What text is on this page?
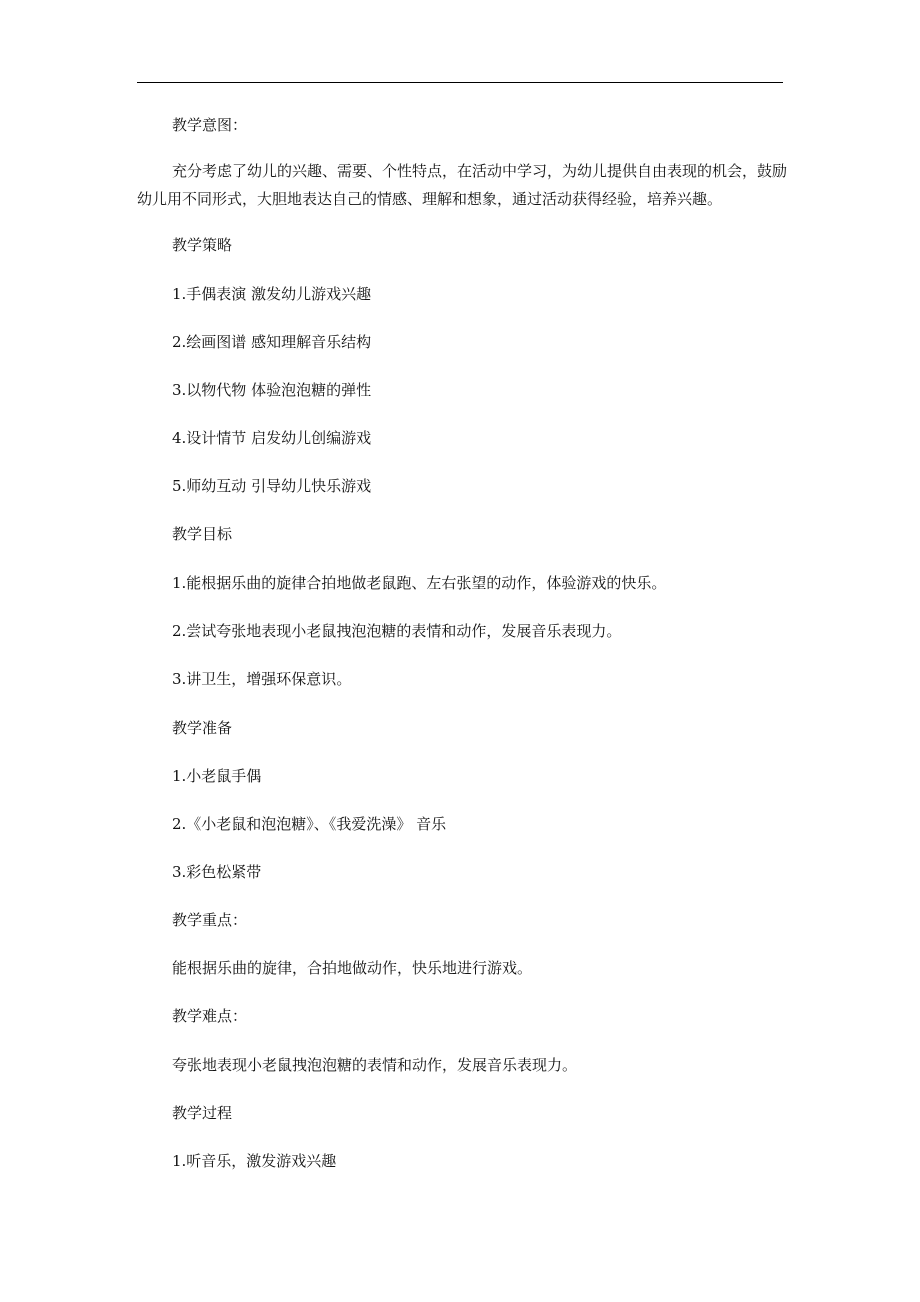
教学意图：
充分考虑了幼儿的兴趣、需要、个性特点，在活动中学习，为幼儿提供自由表现的机会，鼓励幼儿用不同形式，大胆地表达自己的情感、理解和想象，通过活动获得经验，培养兴趣。
教学策略
1.手偶表演 激发幼儿游戏兴趣
2.绘画图谱 感知理解音乐结构
3.以物代物 体验泡泡糖的弹性
4.设计情节 启发幼儿创编游戏
5.师幼互动 引导幼儿快乐游戏
教学目标
1.能根据乐曲的旋律合拍地做老鼠跑、左右张望的动作，体验游戏的快乐。
2.尝试夸张地表现小老鼠拽泡泡糖的表情和动作，发展音乐表现力。
3.讲卫生，增强环保意识。
教学准备
1.小老鼠手偶
2.《小老鼠和泡泡糖》、《我爱洗澡》 音乐
3.彩色松紧带
教学重点：
能根据乐曲的旋律，合拍地做动作，快乐地进行游戏。
教学难点：
夸张地表现小老鼠拽泡泡糖的表情和动作，发展音乐表现力。
教学过程
1.听音乐，激发游戏兴趣
